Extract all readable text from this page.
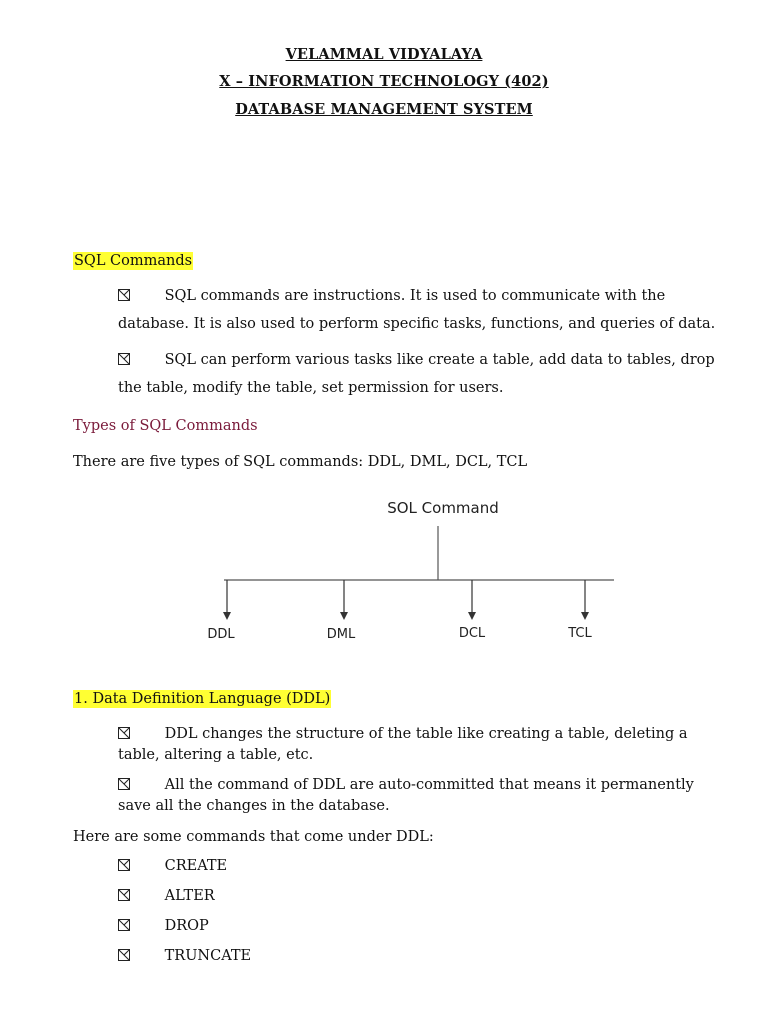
VELAMMAL VIDYALAYA
X – INFORMATION TECHNOLOGY (402)
DATABASE MANAGEMENT SYSTEM
SQL Commands
SQL commands are instructions. It is used to communicate with the
database. It is also used to perform specific tasks, functions, and queries of data.
SQL can perform various tasks like create a table, add data to tables, drop
the table, modify the table, set permission for users.
Types of SQL Commands
There are five types of SQL commands: DDL, DML, DCL, TCL
SOL Command
DDL	DML	DCL	TCL
1. Data Definition Language (DDL)
DDL changes the structure of the table like creating a table, deleting a
table, altering a table, etc.
All the command of DDL are auto-committed that means it permanently
save all the changes in the database.
Here are some commands that come under DDL:
CREATE
ALTER
DROP
TRUNCATE
